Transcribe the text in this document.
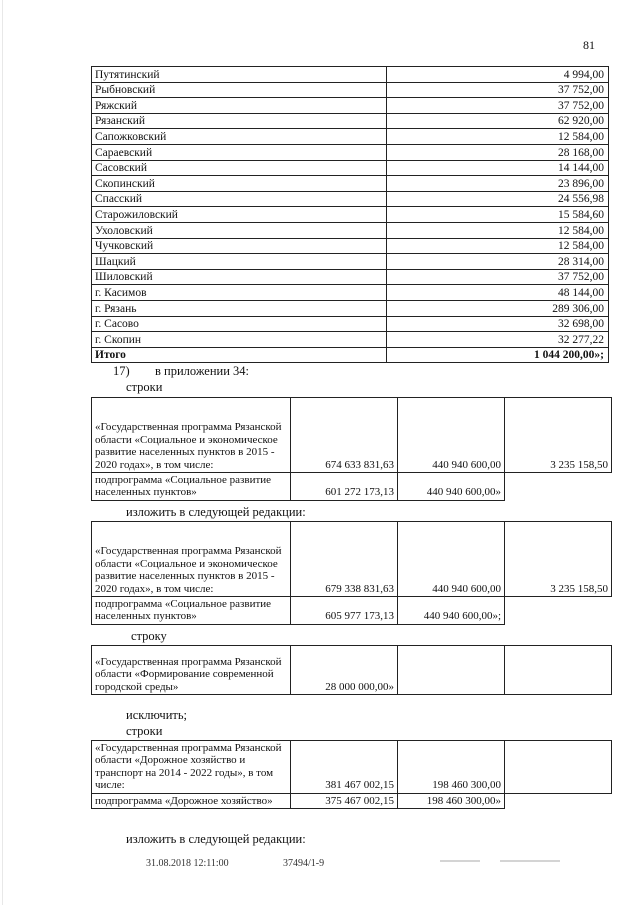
81
Путятинский	4 994,00
Рыбновский	37 752,00
Ряжский	37 752,00
Рязанский	62 920,00
Сапожковский	12 584,00
Сараевский	28 168,00
Сасовский	14 144,00
Скопинский	23 896,00
Спасский	24 556,98
Старожиловский	15 584,60
Ухоловский	12 584,00
Чучковский	12 584,00
Шацкий	28 314,00
Шиловский	37 752,00
г. Касимов	48 144,00
г. Рязань	289 306,00
г. Сасово	32 698,00
г. Скопин	32 277,22
Итого	1 044 200,00»;
17) в приложении 34:
строки
«Государственная программа Рязанской области «Социальное и экономическое развитие населенных пунктов в 2015 - 2020 годах», в том числе:	674 633 831,63	440 940 600,00	3 235 158,50
подпрограмма «Социальное развитие населенных пунктов»	601 272 173,13	440 940 600,00»	
изложить в следующей редакции:
«Государственная программа Рязанской области «Социальное и экономическое развитие населенных пунктов в 2015 - 2020 годах», в том числе:	679 338 831,63	440 940 600,00	3 235 158,50
подпрограмма «Социальное развитие населенных пунктов»	605 977 173,13	440 940 600,00»;	
строку
«Государственная программа Рязанской области «Формирование современной городской среды»	28 000 000,00»		
исключить;
строки
«Государственная программа Рязанской области «Дорожное хозяйство и транспорт на 2014 - 2022 годы», в том числе:	381 467 002,15	198 460 300,00	
подпрограмма «Дорожное хозяйство»	375 467 002,15	198 460 300,00»	
изложить в следующей редакции:
31.08.2018 12:11:00	37494/1-9
